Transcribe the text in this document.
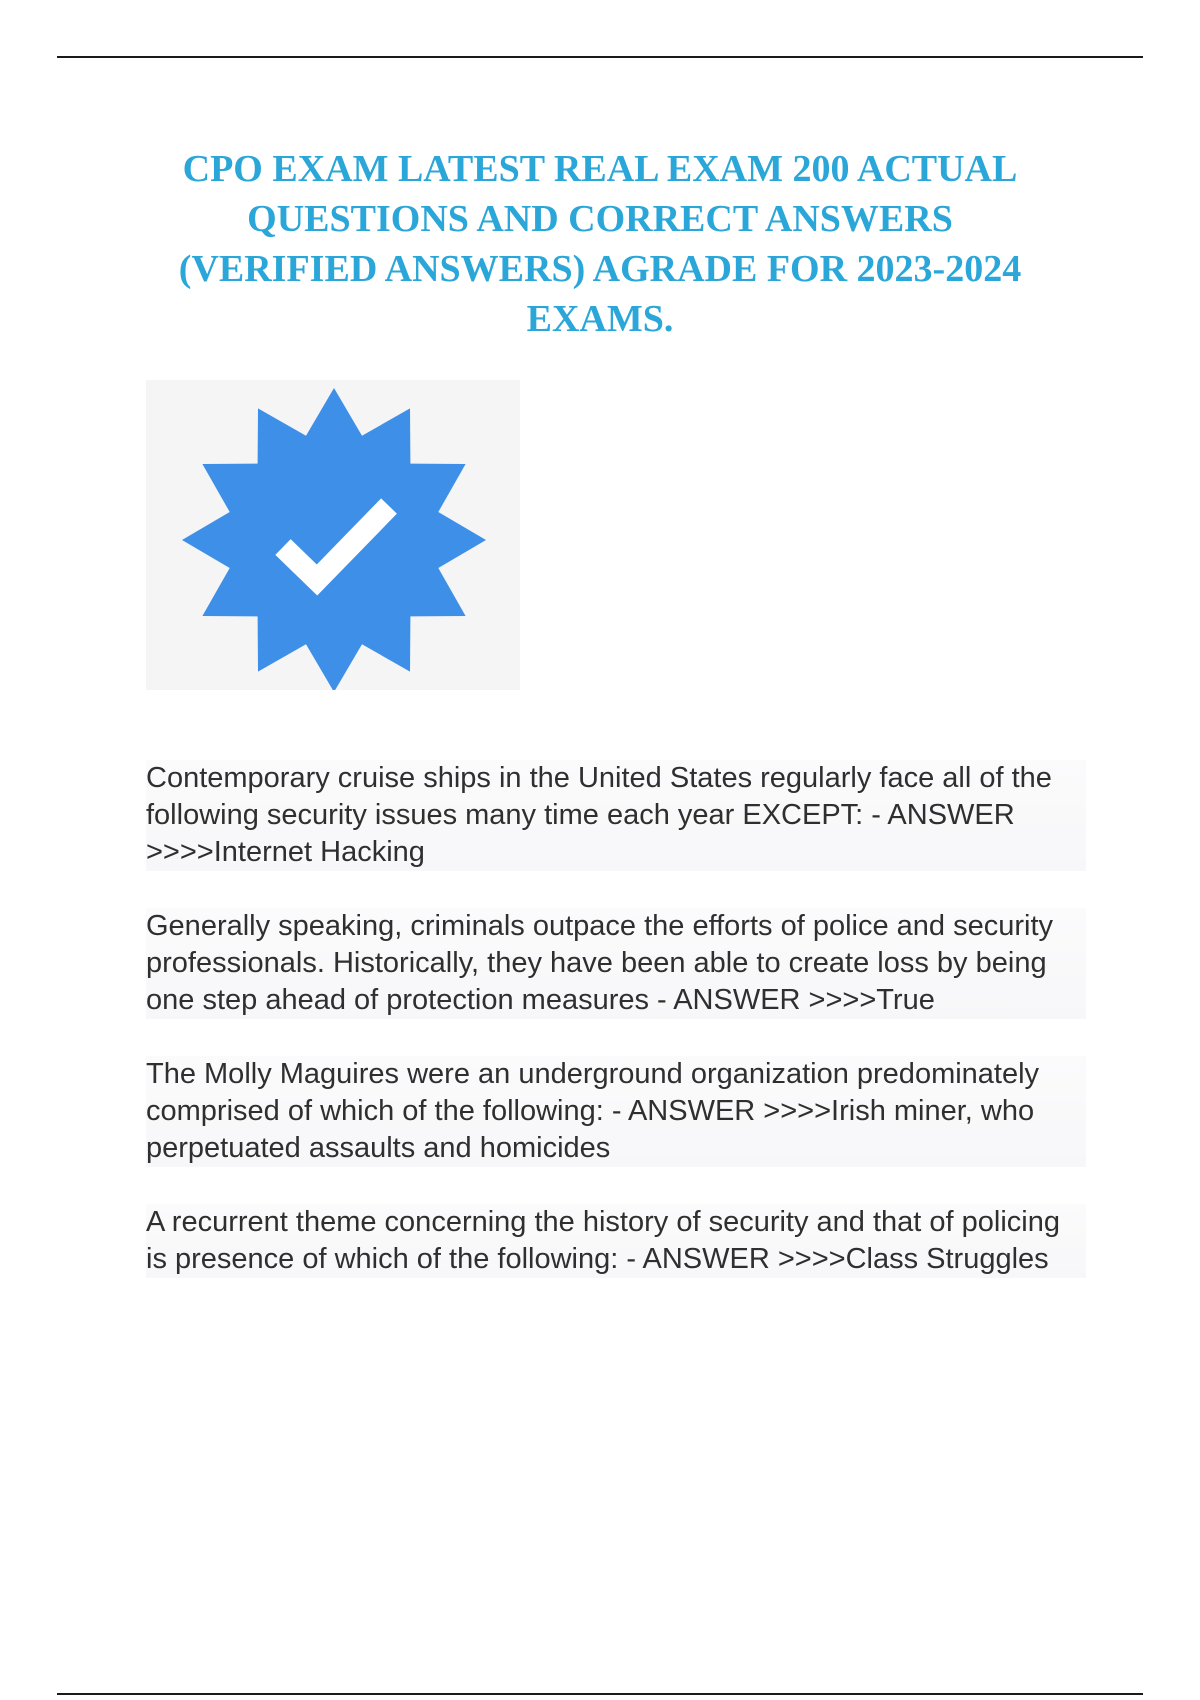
CPO EXAM LATEST REAL EXAM 200 ACTUAL QUESTIONS AND CORRECT ANSWERS (VERIFIED ANSWERS) AGRADE FOR 2023-2024 EXAMS.

Contemporary cruise ships in the United States regularly face all of the following security issues many time each year EXCEPT: - ANSWER >>>>Internet Hacking

Generally speaking, criminals outpace the efforts of police and security professionals. Historically, they have been able to create loss by being one step ahead of protection measures - ANSWER >>>>True

The Molly Maguires were an underground organization predominately comprised of which of the following: - ANSWER >>>>Irish miner, who perpetuated assaults and homicides

A recurrent theme concerning the history of security and that of policing is presence of which of the following: - ANSWER >>>>Class Struggles
